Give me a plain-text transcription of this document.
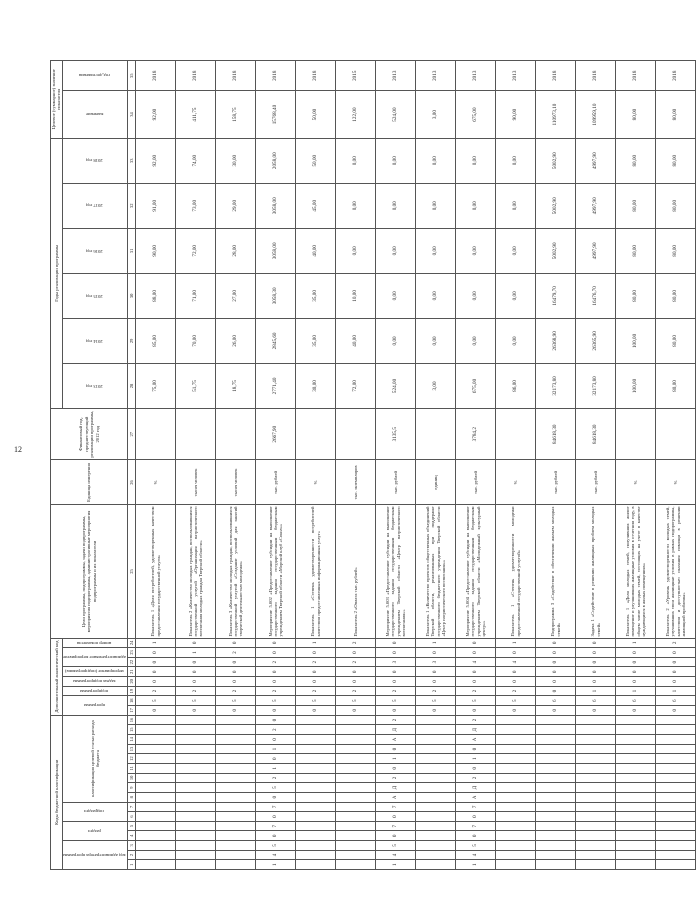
12
Коды бюджетной классификации																Дополнительный аналитический код								Цели программы, подпрограммы, задачи подпрограммы, мероприятия подпрограммы, административные мероприятия подпрограммы и их показатели	Единица измерения	Финансовый год, предшествующий реализации программы, 2012 год	Годы реализации программы						Целевое (суммарное) значение показателя	
код администратора программы			раздел		подраздел		классификация целевой статьи расхода бюджета									программа		подпрограмма	задача подпрограммы	мероприятие (подпрограммы)	административное мероприятие		номер показателя				2013 год	2014 год	2015 год	2016 год	2017 год	2018 год	значение	год достижения
1	2	3	4	5	6	7	8	9	10	11	12	13	14	15	16	17	18	19	20	21	22	23	24	25	26	27	28	29	30	31	32	33	34	35
																0	5	2	0	0	0	0	1	Показатель 1 «Доля потребителей, удовлетворенных качеством предоставления государственной услуги»	%		75,00	85,00	88,00	90,00	91,00	92,00	92,00	2018
																0	5	2	0	0	0	1	0	Показатель 2 «Количество молодых граждан, воспользовавшихся государственной услугой «Организация патриотического воспитания молодых граждан Тверской области»	тысяч человек		51,75	70,00	71,00	72,00	73,00	74,00	411,75	2018
																0	5	2	0	0	0	2	0	Показатель 3 «Количество молодых граждан, воспользовавшихся государственной услугой «Создание условий для занятий творческой деятельностью молодежи»	тысяч человек		18,75	26,00	27,00	28,00	29,00	30,00	158,75	2018
1	4	5	0	7	0	7	0	5	2	1	0	1	0	2	0	0	5	2	0	0	2	0	0	Мероприятие 5.002 «Предоставление субсидии на выполнение государственного задания государственным бюджетным учреждением Тверской области «Морской клуб «Сокол»»	тыс. рублей	2667,90	2771,40	2845,60	3058,30	3058,00	3058,00	2058,00	15768,40	2018
																0	5	2	0	0	2	0	1	Показатель 1 «Степень удовлетворенности потребителей качеством предоставленных информационных услуг»	%		30,00	35,00	35,00	40,00	45,00	50,00	50,00	2018
																0	5	2	0	0	2	0	2	Показатель 2 «Оплата тыс. рублей»	тыс. экземпляров		72,00	40,00	10,00	0,00	0,00	0,00	122,00	2015
1	4	5	0	7	0	7	А	Д	2	0	1	0	А	Д	2	0	5	2	0	0	3	0	0	Мероприятие 5.003 «Предоставление субсидии на выполнение государственного задания государственным бюджетным учреждением Тверской области «Центр патриотического воспитания»»	тыс. рублей	3135,5	524,00	0,00	0,00	0,00	0,00	0,00	524,00	2013
																0	5	2	0	0	3	0	1	Показатель 1 «Количество проектов общественных объединений Тверской области, реализованных при поддержке государственного бюджетного учреждения Тверской области «Центр патриотического воспитания»»	единиц		3,00	0,00	0,00	0,00	0,00	0,00	3,00	2013
1	4	5	0	7	0	7	А	Д	2	0	1	0	А	Д	2	0	5	2	0	0	4	0	0	Мероприятие 5.004 «Предоставление субсидии на выполнение государственного задания государственным бюджетным учреждением Тверской области «Молодежный культурный центр»»	тыс. рублей	3784,2	675,00	0,00	0,00	0,00	0,00	0,00	675,00	2013
																0	5	2	0	0	4	0	1	Показатель 1 «Степень удовлетворенности молодежи предоставленной государственной услугой»	%		86,00	0,00	0,00	0,00	0,00	0,00	90,00	2013
																0	6	0	0	0	0	0	0	Подпрограмма 3 «Содействие в обеспечении жильем молодых семей»	тыс. рублей	84618,30	32173,80	26368,90	16479,70	5002,90	5002,90	5002,90	110973,10	2018
																0	6	1	0	0	0	0	0	Задача 1 «Содействие в решении жилищных проблем молодых семей»	тыс. рублей	84618,30	32173,80	26365,90	16476,70	4997,90	4997,90	4997,90	109959,10	2018
																0	6	1	0	0	0	0	1	Показатель 1 «Доля молодых семей, получивших жилое помещение и улучшивших жилищные условия в отчетном году, в общем числе молодых семей, состоящих на учете в качестве нуждающихся в жилых помещениях»	%		100,00	100,00	80,00	80,00	80,00	80,00	80,00	2018
																0	6	1	0	0	0	0	2	Показатель 2 «Уровень удовлетворенности молодых семей, улучшивших свои жилищные условия в рамках подпрограммы, качеством и доступностью оказания помощи в решении жилищной проблемы»	%		80,00	80,00	80,00	80,00	80,00	80,00	80,00	2018
